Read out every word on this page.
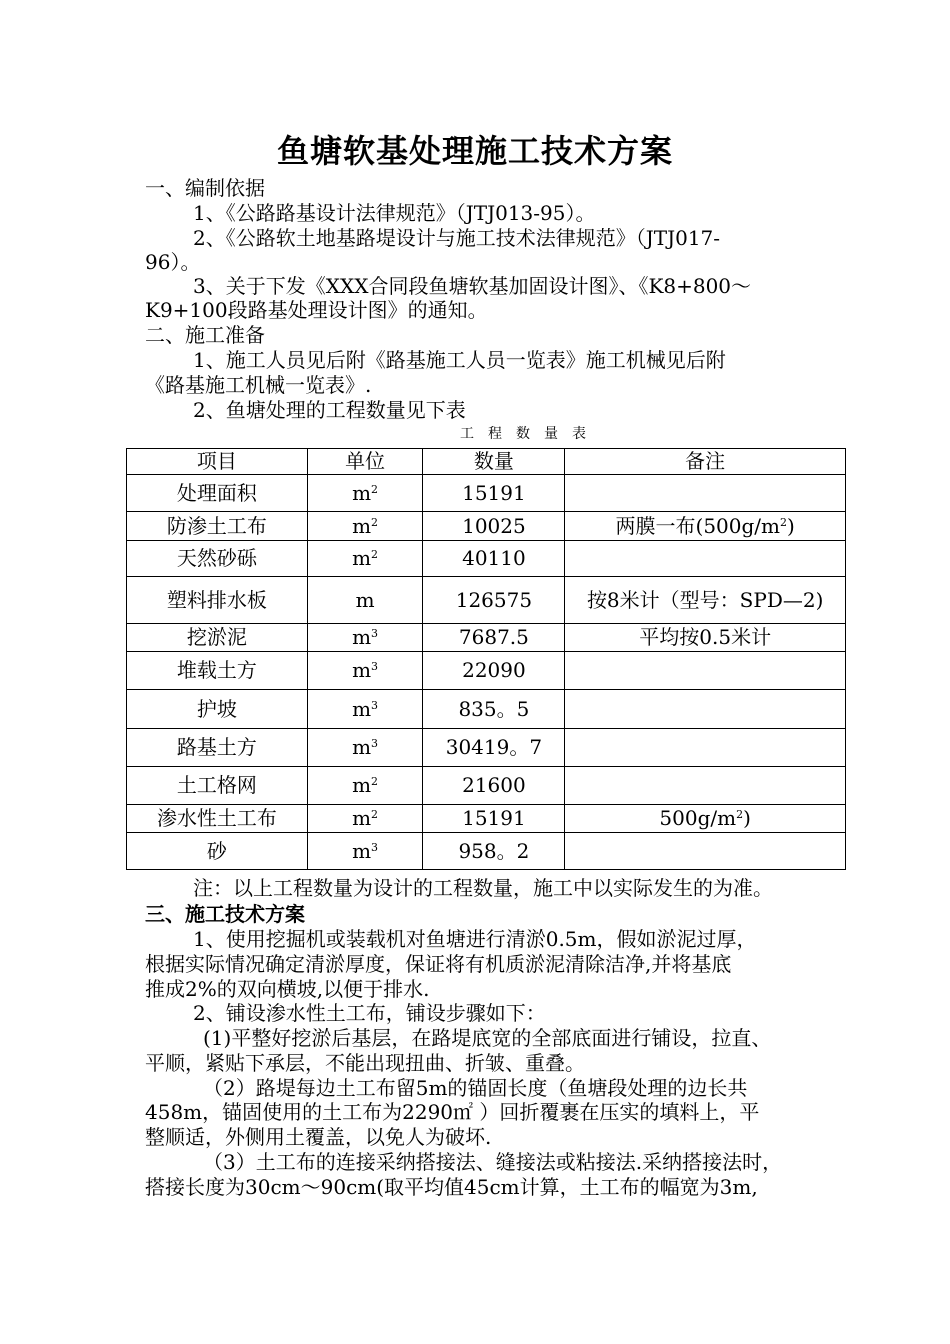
鱼塘软基处理施工技术方案
一、编制依据
1、《公路路基设计法律规范》（JTJ013-95）。
2、《公路软土地基路堤设计与施工技术法律规范》（JTJ017-
96）。
3、关于下发《XXX合同段鱼塘软基加固设计图》、《K8+800～
K9+100段路基处理设计图》的通知。
二、施工准备
1、施工人员见后附《路基施工人员一览表》施工机械见后附
《路基施工机械一览表》.
2、鱼塘处理的工程数量见下表
工程数量表
项目	单位	数量	备注
处理面积	$m^2$	15191	
防渗土工布	$m^2$	10025	两膜一布$(500g/m^2)$
天然砂砾	$m^2$	40110	
塑料排水板	m	126575	按8米计（型号：SPD—2)
挖淤泥	$m^3$	7687.5	平均按0.5米计
堆载土方	$m^3$	22090	
护坡	$m^3$	835。5	
路基土方	$m^3$	30419。7	
土工格网	$m^2$	21600	
渗水性土工布	$m^2$	15191	$500g/m^2$)
砂	$m^3$	958。2	
注：以上工程数量为设计的工程数量，施工中以实际发生的为准。
三、施工技术方案
1、使用挖掘机或装载机对鱼塘进行清淤0.5m，假如淤泥过厚，
根据实际情况确定清淤厚度，保证将有机质淤泥清除洁净,并将基底
推成2%的双向横坡,以便于排水.
2、铺设渗水性土工布，铺设步骤如下：
(1)平整好挖淤后基层，在路堤底宽的全部底面进行铺设，拉直、
平顺，紧贴下承层，不能出现扭曲、折皱、重叠。
（2）路堤每边土工布留5m的锚固长度（鱼塘段处理的边长共
458m，锚固使用的土工布为2290㎡ ）回折覆裹在压实的填料上，平
整顺适，外侧用土覆盖，以免人为破坏.
（3）土工布的连接采纳搭接法、缝接法或粘接法.采纳搭接法时，
搭接长度为30cm～90cm(取平均值45cm计算，土工布的幅宽为3m,
